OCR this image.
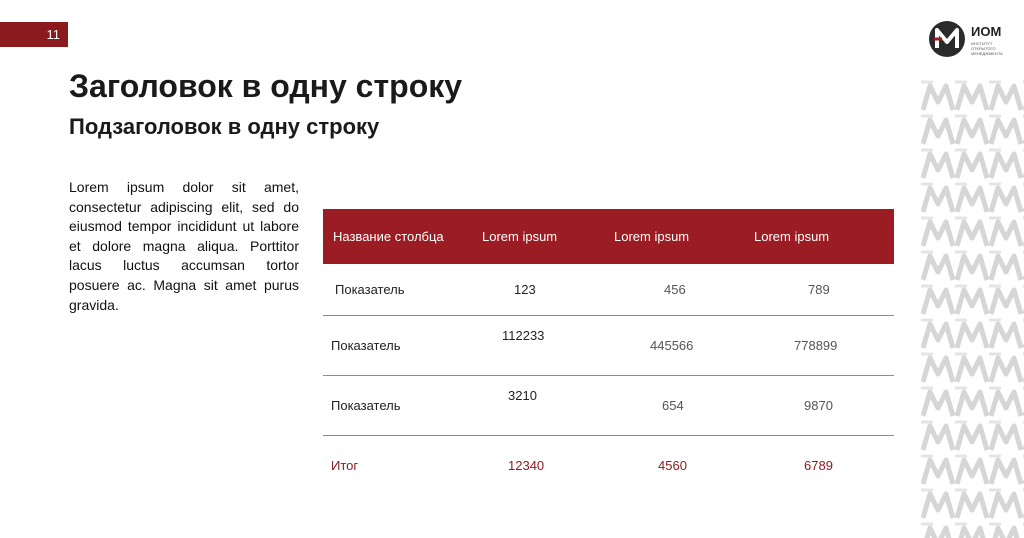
11	ИОМ
ИНСТИТУТ ОТКРЫТОГО МЕНЕДЖМЕНТА
Заголовок в одну строку
Подзаголовок в одну строку
Lorem ipsum dolor sit amet, consectetur adipiscing elit, sed do eiusmod tempor incididunt ut labore et dolore magna aliqua. Porttitor lacus luctus accumsan tortor posuere ac. Magna sit amet purus gravida.
Название столбца	Lorem ipsum	Lorem ipsum	Lorem ipsum
Показатель	123	456	789
Показатель	112233	445566	778899
Показатель	3210	654	9870
Итог	12340	4560	6789
